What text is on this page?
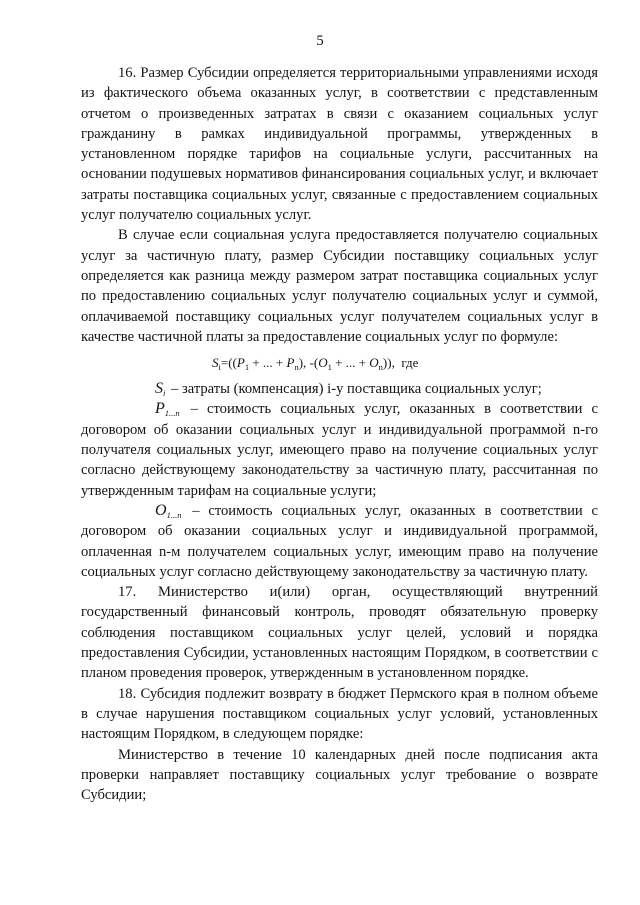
5

16. Размер Субсидии определяется территориальными управлениями исходя из фактического объема оказанных услуг, в соответствии с представленным отчетом о произведенных затратах в связи с оказанием социальных услуг гражданину в рамках индивидуальной программы, утвержденных в установленном порядке тарифов на социальные услуги, рассчитанных на основании подушевых нормативов финансирования социальных услуг, и включает затраты поставщика социальных услуг, связанные с предоставлением социальных услуг получателю социальных услуг.

В случае если социальная услуга предоставляется получателю социальных услуг за частичную плату, размер Субсидии поставщику социальных услуг определяется как разница между размером затрат поставщика социальных услуг по предоставлению социальных услуг получателю социальных услуг и суммой, оплачиваемой поставщику социальных услуг получателем социальных услуг в качестве частичной платы за предоставление социальных услуг по формуле:

$S_i=((P_1$ + ... + $P_n$), $-(O_1$ + ... + $O_n$)), где

$S_i$ – затраты (компенсация) i-у поставщика социальных услуг;

$P_{1...n}$ – стоимость социальных услуг, оказанных в соответствии с договором об оказании социальных услуг и индивидуальной программой n-го получателя социальных услуг, имеющего право на получение социальных услуг согласно действующему законодательству за частичную плату, рассчитанная по утвержденным тарифам на социальные услуги;

$O_{1...n}$ – стоимость социальных услуг, оказанных в соответствии с договором об оказании социальных услуг и индивидуальной программой, оплаченная n-м получателем социальных услуг, имеющим право на получение социальных услуг согласно действующему законодательству за частичную плату.

17. Министерство и(или) орган, осуществляющий внутренний государственный финансовый контроль, проводят обязательную проверку соблюдения поставщиком социальных услуг целей, условий и порядка предоставления Субсидии, установленных настоящим Порядком, в соответствии с планом проведения проверок, утвержденным в установленном порядке.

18. Субсидия подлежит возврату в бюджет Пермского края в полном объеме в случае нарушения поставщиком социальных услуг условий, установленных настоящим Порядком, в следующем порядке:

Министерство в течение 10 календарных дней после подписания акта проверки направляет поставщику социальных услуг требование о возврате Субсидии;
